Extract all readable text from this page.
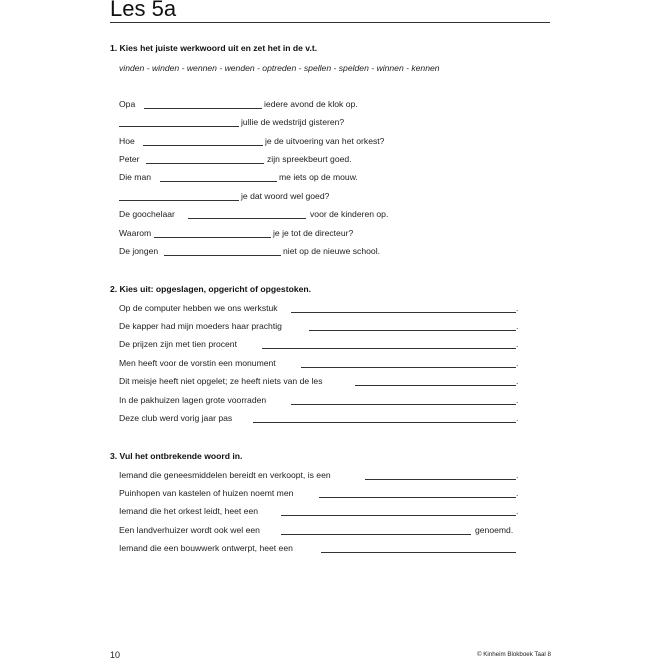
Les 5a
1. Kies het juiste werkwoord uit en zet het in de v.t.
vinden - winden - wennen - wenden - optreden - spellen - spelden - winnen - kennen
Opa	iedere avond de klok op.
jullie de wedstrijd gisteren?
Hoe	je de uitvoering van het orkest?
Peter	zijn spreekbeurt goed.
Die man	me iets op de mouw.
je dat woord wel goed?
De goochelaar	voor de kinderen op.
Waarom	je je tot de directeur?
De jongen	niet op de nieuwe school.
2. Kies uit: opgeslagen, opgericht of opgestoken.
Op de computer hebben we ons werkstuk	.
De kapper had mijn moeders haar prachtig	.
De prijzen zijn met tien procent	.
Men heeft voor de vorstin een monument	.
Dit meisje heeft niet opgelet; ze heeft niets van de les	.
In de pakhuizen lagen grote voorraden	.
Deze club werd vorig jaar pas	.
3. Vul het ontbrekende woord in.
Iemand die geneesmiddelen bereidt en verkoopt, is een	.
Puinhopen van kastelen of huizen noemt men	.
Iemand die het orkest leidt, heet een	.
Een landverhuizer wordt ook wel een	genoemd.
Iemand die een bouwwerk ontwerpt, heet een
10	© Kinheim Blokboek Taal 8
